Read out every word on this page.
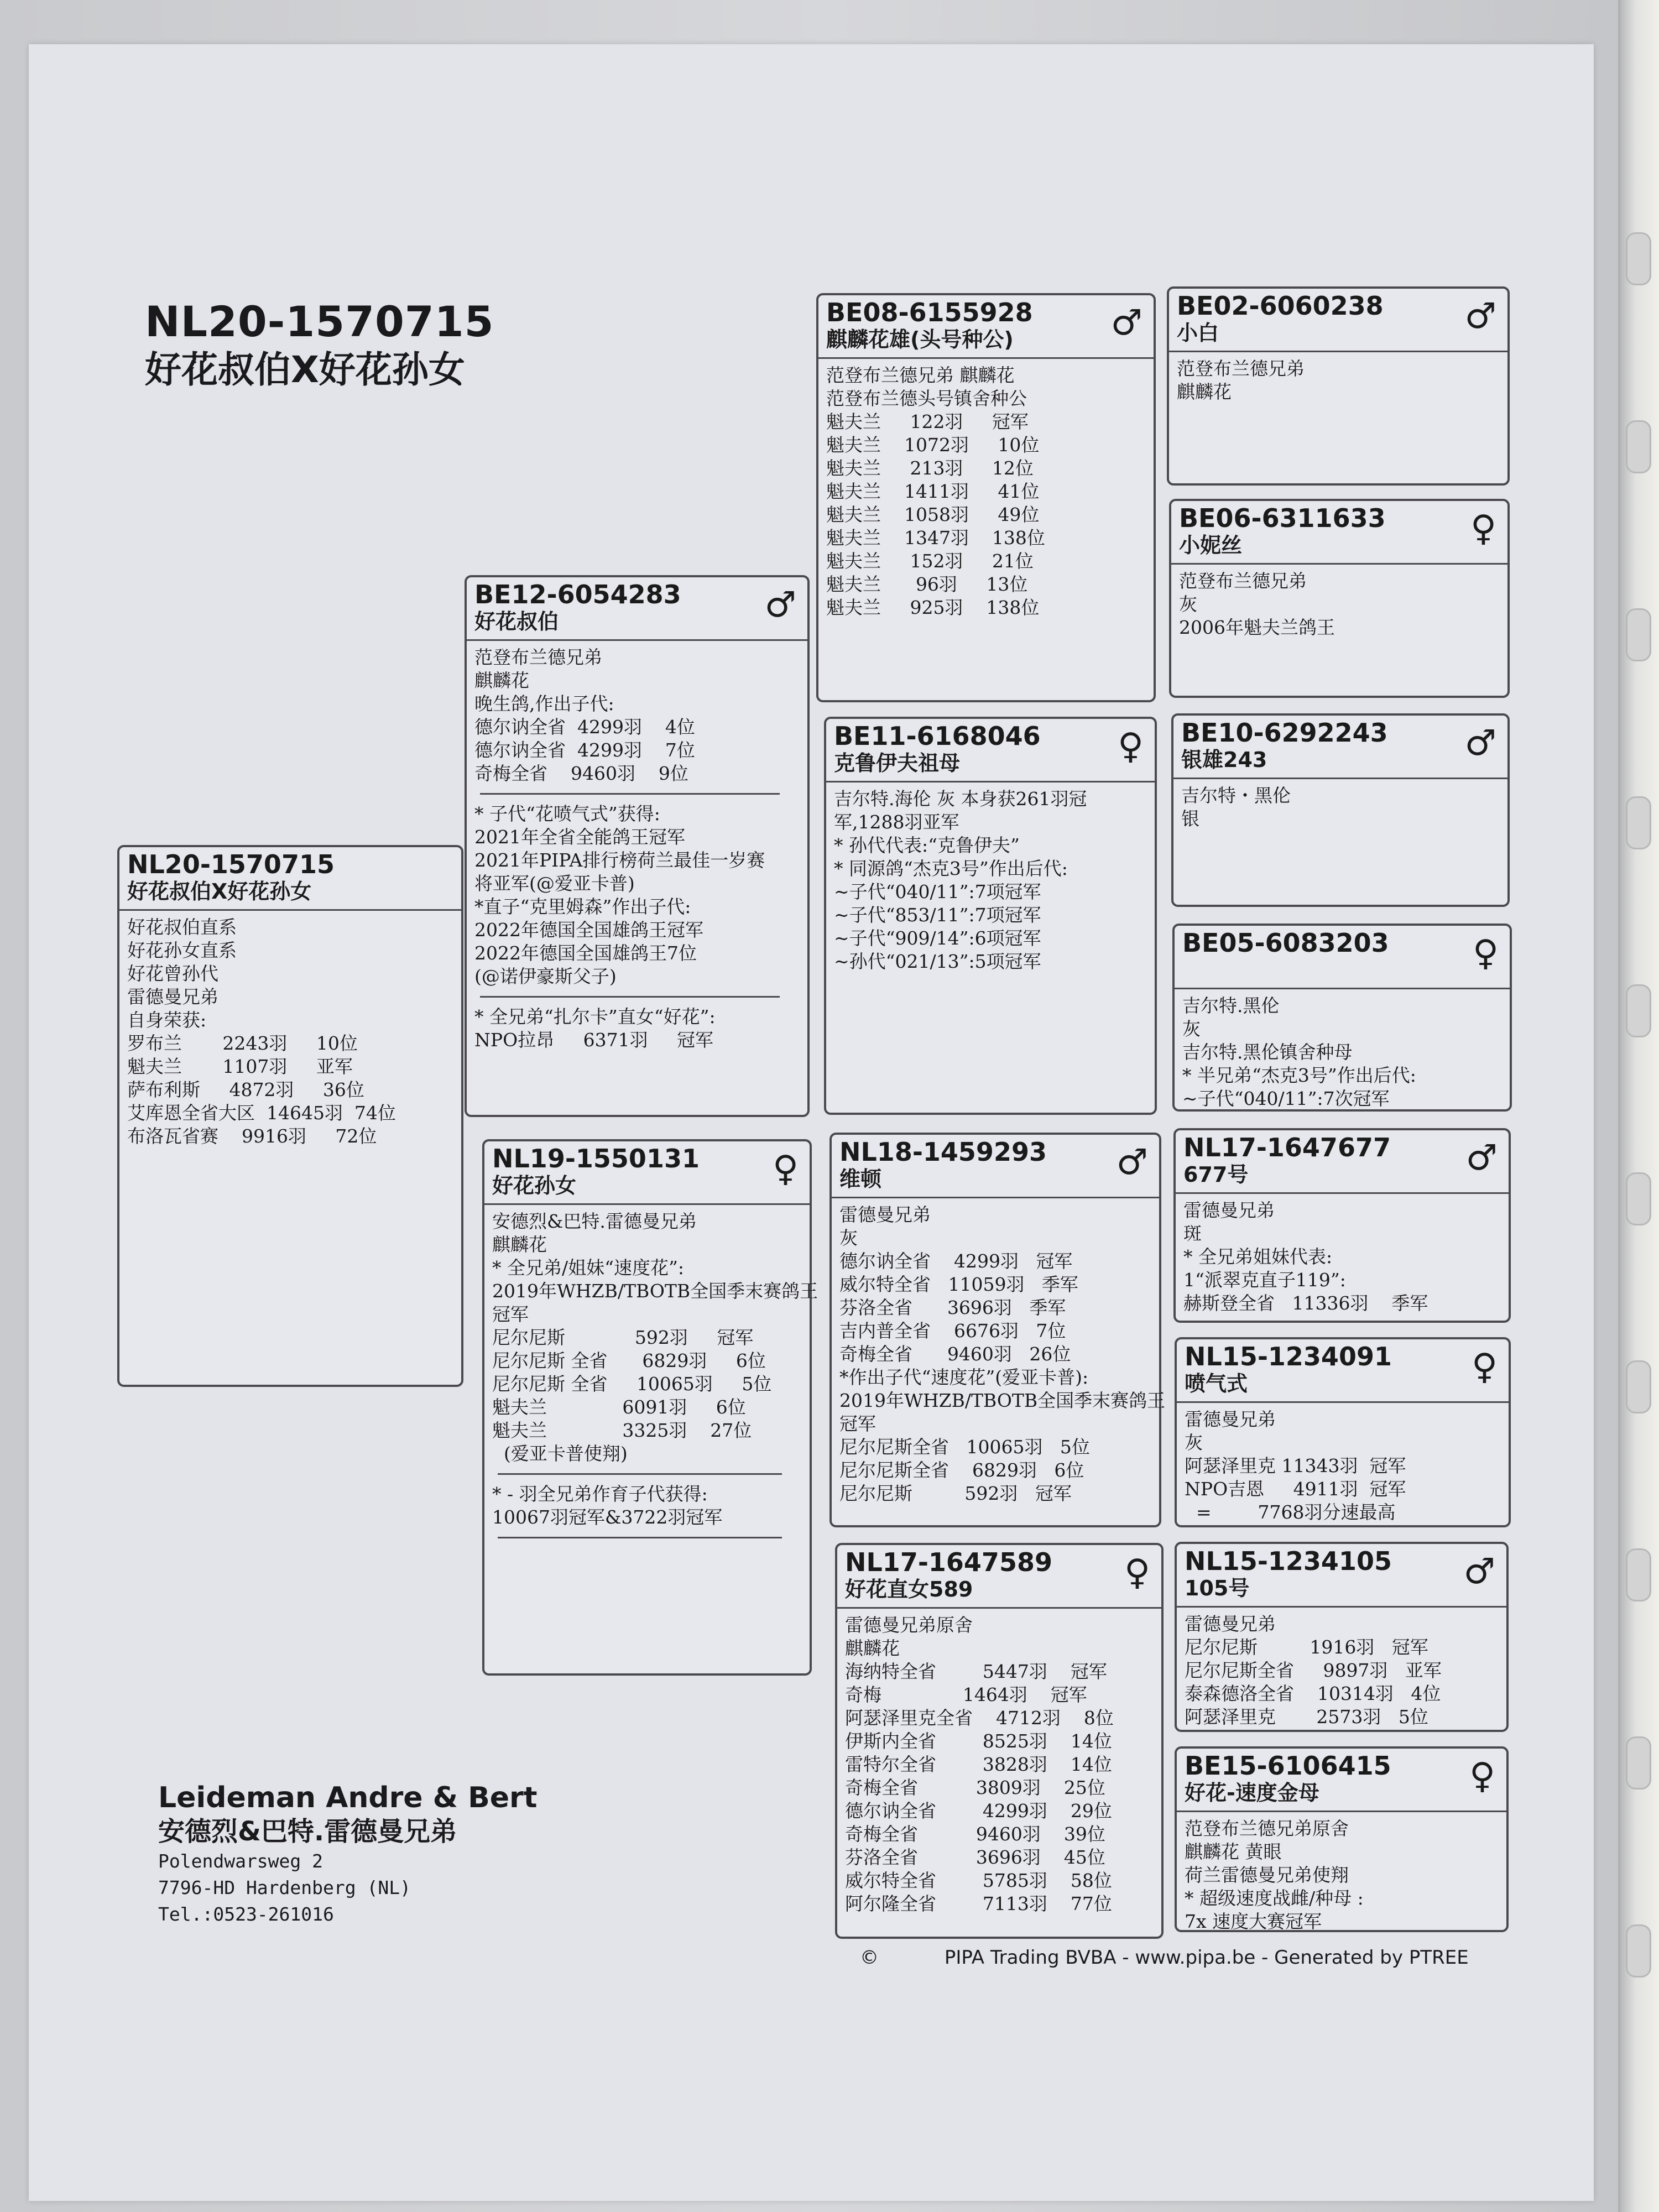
NL20-1570715
好花叔伯X好花孙女
NL20-1570715
好花叔伯X好花孙女
好花叔伯直系
好花孙女直系
好花曾孙代
雷德曼兄弟
自身荣获:
罗布兰       2243羽     10位
魁夫兰       1107羽     亚军
萨布利斯     4872羽     36位
艾库恩全省大区  14645羽  74位
布洛瓦省赛    9916羽     72位
BE12-6054283
好花叔伯	♂
范登布兰德兄弟
麒麟花
晚生鸽,作出子代:
德尔讷全省  4299羽    4位
德尔讷全省  4299羽    7位
奇梅全省    9460羽    9位
* 子代“花喷气式”获得:
2021年全省全能鸽王冠军
2021年PIPA排行榜荷兰最佳一岁赛
将亚军(@爱亚卡普)
*直子“克里姆森”作出子代:
2022年德国全国雄鸽王冠军
2022年德国全国雄鸽王7位
(@诺伊豪斯父子)
* 全兄弟“扎尔卡”直女“好花”:
NPO拉昂     6371羽     冠军
NL19-1550131
好花孙女	♀
安德烈&巴特.雷德曼兄弟
麒麟花
* 全兄弟/姐妹“速度花”:
2019年WHZB/TBOTB全国季末赛鸽王
冠军
尼尔尼斯            592羽     冠军
尼尔尼斯 全省      6829羽     6位
尼尔尼斯 全省     10065羽     5位
魁夫兰             6091羽     6位
魁夫兰             3325羽    27位
(爱亚卡普使翔)
* - 羽全兄弟作育子代获得:
10067羽冠军&3722羽冠军
BE08-6155928
麒麟花雄(头号种公)	♂
范登布兰德兄弟 麒麟花
范登布兰德头号镇舍种公
魁夫兰     122羽     冠军
魁夫兰    1072羽     10位
魁夫兰     213羽     12位
魁夫兰    1411羽     41位
魁夫兰    1058羽     49位
魁夫兰    1347羽    138位
魁夫兰     152羽     21位
魁夫兰      96羽     13位
魁夫兰     925羽    138位
BE11-6168046
克鲁伊夫祖母	♀
吉尔特.海伦 灰 本身获261羽冠
军,1288羽亚军
* 孙代代表:“克鲁伊夫”
* 同源鸽“杰克3号”作出后代:
~子代“040/11”:7项冠军
~子代“853/11”:7项冠军
~子代“909/14”:6项冠军
~孙代“021/13”:5项冠军
NL18-1459293
维顿	♂
雷德曼兄弟
灰
德尔讷全省    4299羽   冠军
威尔特全省   11059羽   季军
芬洛全省      3696羽   季军
吉内普全省    6676羽   7位
奇梅全省      9460羽   26位
*作出子代“速度花”(爱亚卡普):
2019年WHZB/TBOTB全国季末赛鸽王
冠军
尼尔尼斯全省   10065羽   5位
尼尔尼斯全省    6829羽   6位
尼尔尼斯         592羽   冠军
NL17-1647589
好花直女589	♀
雷德曼兄弟原舍
麒麟花
海纳特全省        5447羽    冠军
奇梅              1464羽    冠军
阿瑟泽里克全省    4712羽    8位
伊斯内全省        8525羽    14位
雷特尔全省        3828羽    14位
奇梅全省          3809羽    25位
德尔讷全省        4299羽    29位
奇梅全省          9460羽    39位
芬洛全省          3696羽    45位
威尔特全省        5785羽    58位
阿尔隆全省        7113羽    77位
BE02-6060238
小白	♂
范登布兰德兄弟
麒麟花
BE06-6311633
小妮丝	♀
范登布兰德兄弟
灰
2006年魁夫兰鸽王
BE10-6292243
银雄243	♂
吉尔特・黑伦
银
BE05-6083203 ♀
吉尔特.黑伦
灰
吉尔特.黑伦镇舍种母
* 半兄弟“杰克3号”作出后代:
~子代“040/11”:7次冠军
NL17-1647677
677号	♂
雷德曼兄弟
斑
* 全兄弟姐妹代表:
1“派翠克直子119”:
赫斯登全省   11336羽    季军
NL15-1234091
喷气式	♀
雷德曼兄弟
灰
阿瑟泽里克 11343羽  冠军
NPO吉恩     4911羽  冠军
=        7768羽分速最高
NL15-1234105
105号	♂
雷德曼兄弟
尼尔尼斯         1916羽   冠军
尼尔尼斯全省     9897羽   亚军
泰森德洛全省    10314羽   4位
阿瑟泽里克       2573羽   5位
BE15-6106415
好花-速度金母	♀
范登布兰德兄弟原舍
麒麟花 黄眼
荷兰雷德曼兄弟使翔
* 超级速度战雌/种母 :
7x 速度大赛冠军
Leideman Andre & Bert
安德烈&巴特.雷德曼兄弟
Polendwarsweg 2
7796-HD Hardenberg (NL)
Tel.:0523-261016
©	PIPA Trading BVBA - www.pipa.be - Generated by PTREE
